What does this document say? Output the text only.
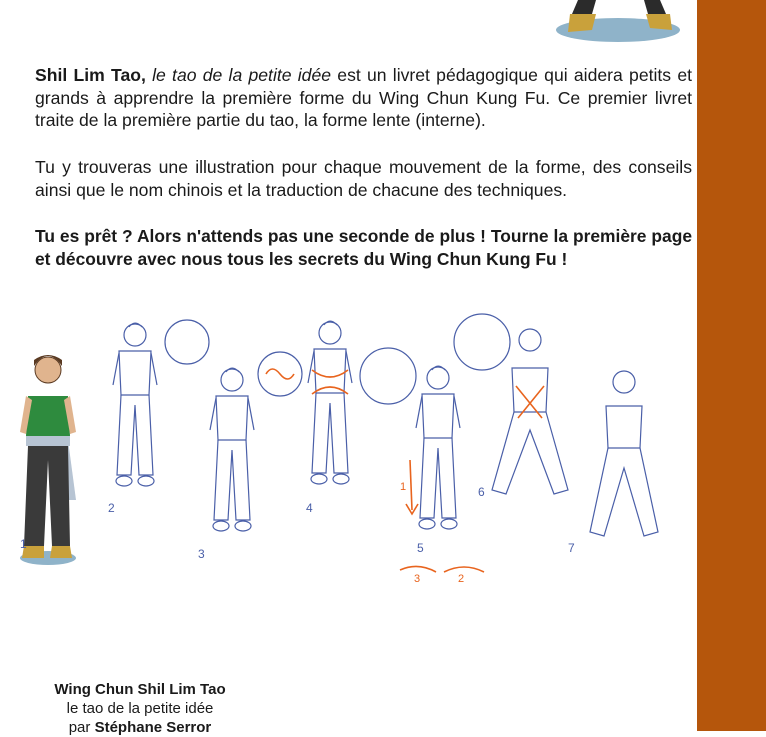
Shil Lim Tao, le tao de la petite idée est un livret pédagogique qui aidera petits et grands à apprendre la première forme du Wing Chun Kung Fu. Ce premier livret traite de la première partie du tao, la forme lente (interne).

Tu y trouveras une illustration pour chaque mouvement de la forme, des conseils ainsi que le nom chinois et la traduction de chacune des techniques.

Tu es prêt ? Alors n'attends pas une seconde de plus ! Tourne la première page et découvre avec nous tous les secrets du Wing Chun Kung Fu !

1
2
3
4
1
3	2
5
6
7
Wing Chun Shil Lim Tao
le tao de la petite idée
par Stéphane Serror
